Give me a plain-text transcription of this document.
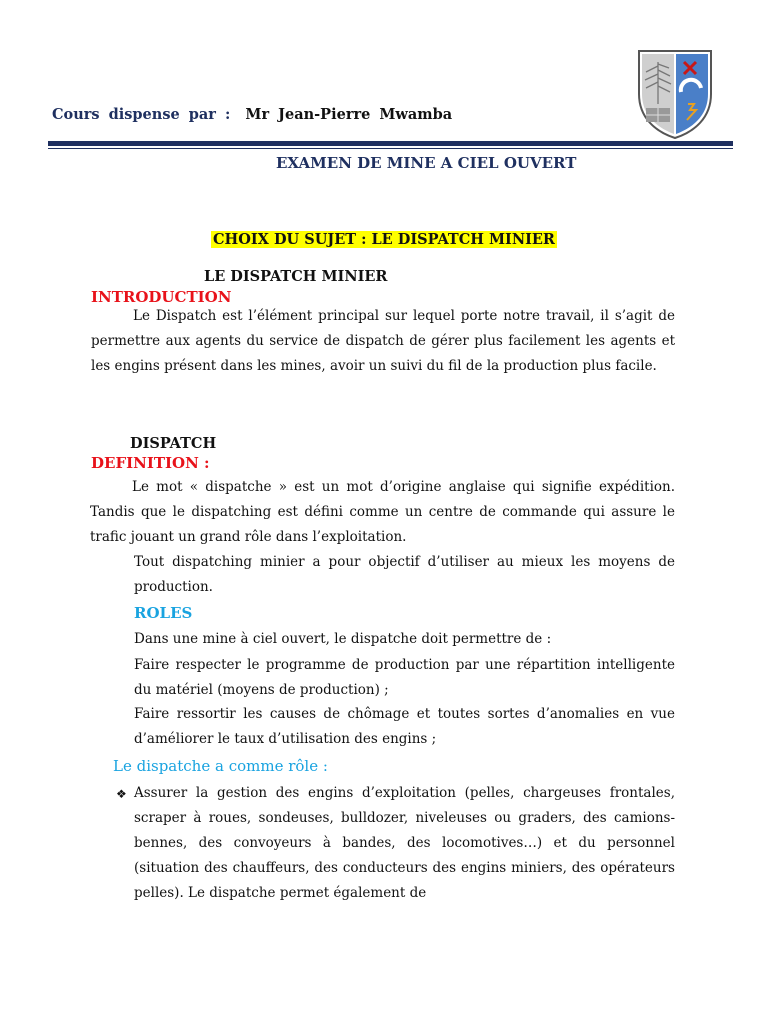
Cours dispense par : Mr Jean-Pierre Mwamba
EXAMEN DE MINE A CIEL OUVERT
CHOIX DU SUJET : LE DISPATCH MINIER
LE DISPATCH MINIER
INTRODUCTION
Le Dispatch est l’élément principal sur lequel porte notre travail, il s’agit de permettre aux agents du service de dispatch de gérer plus facilement les agents et les engins présent dans les mines, avoir un suivi du fil de la production plus facile.
DISPATCH
DEFINITION :
Le mot « dispatche » est un mot d’origine anglaise qui signifie expédition. Tandis que le dispatching est défini comme un centre de commande qui assure le trafic jouant un grand rôle dans l’exploitation.
Tout dispatching minier a pour objectif d’utiliser au mieux les moyens de production.
ROLES
Dans une mine à ciel ouvert, le dispatche doit permettre de :
Faire respecter le programme de production par une répartition intelligente du matériel (moyens de production) ;
Faire ressortir les causes de chômage et toutes sortes d’anomalies en vue d’améliorer le taux d’utilisation des engins ;
Le dispatche a comme rôle :
❖ Assurer la gestion des engins d’exploitation (pelles, chargeuses frontales, scraper à roues, sondeuses, bulldozer, niveleuses ou graders, des camions-bennes, des convoyeurs à bandes, des locomotives…) et du personnel (situation des chauffeurs, des conducteurs des engins miniers, des opérateurs pelles). Le dispatche permet également de
